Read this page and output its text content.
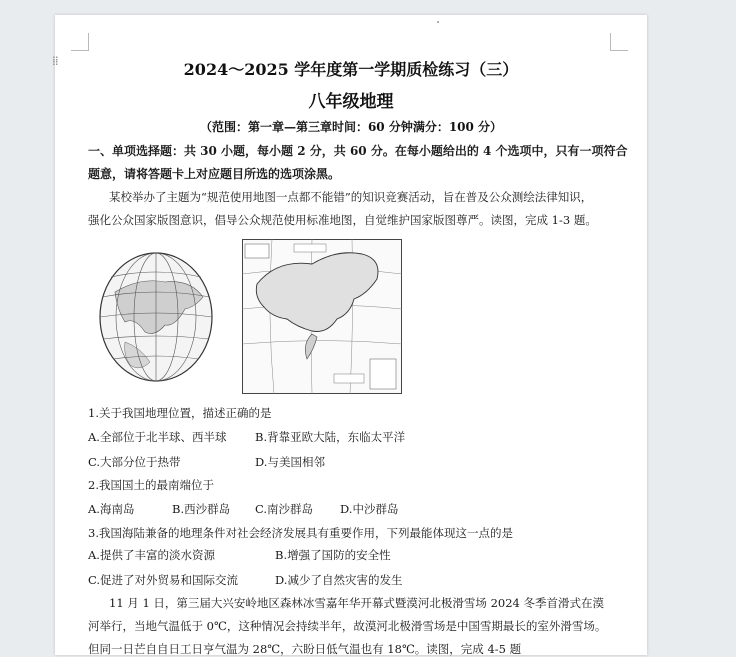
2024～2025 学年度第一学期质检练习（三）
八年级地理
（范围：第一章—第三章时间：60 分钟满分：100 分）
一、单项选择题：共 30 小题，每小题 2 分，共 60 分。在每小题给出的 4 个选项中，只有一项符合
题意，请将答题卡上对应题目所选的选项涂黑。
某校举办了主题为“规范使用地图一点都不能错”的知识竞赛活动，旨在普及公众测绘法律知识，
强化公众国家版图意识，倡导公众规范使用标准地图，自觉维护国家版图尊严。读图，完成 1-3 题。
1.关于我国地理位置，描述正确的是
A.全部位于北半球、西半球 B.背靠亚欧大陆，东临太平洋
C.大部分位于热带	D.与美国相邻
2.我国国土的最南端位于
A.海南岛	B.西沙群岛 C.南沙群岛 D.中沙群岛
3.我国海陆兼备的地理条件对社会经济发展具有重要作用，下列最能体现这一点的是
A.提供了丰富的淡水资源	B.增强了国防的安全性
C.促进了对外贸易和国际交流	D.减少了自然灾害的发生
11 月 1 日，第三届大兴安岭地区森林冰雪嘉年华开幕式暨漠河北极滑雪场 2024 冬季首滑式在漠
河举行，当地气温低于 0℃，这种情况会持续半年，故漠河北极滑雪场是中国雪期最长的室外滑雪场。
但同一日芒自自日工日亨气温为 28℃，六盼日低气温也有 18℃。读图，完成 4-5 题
⁞⁞
